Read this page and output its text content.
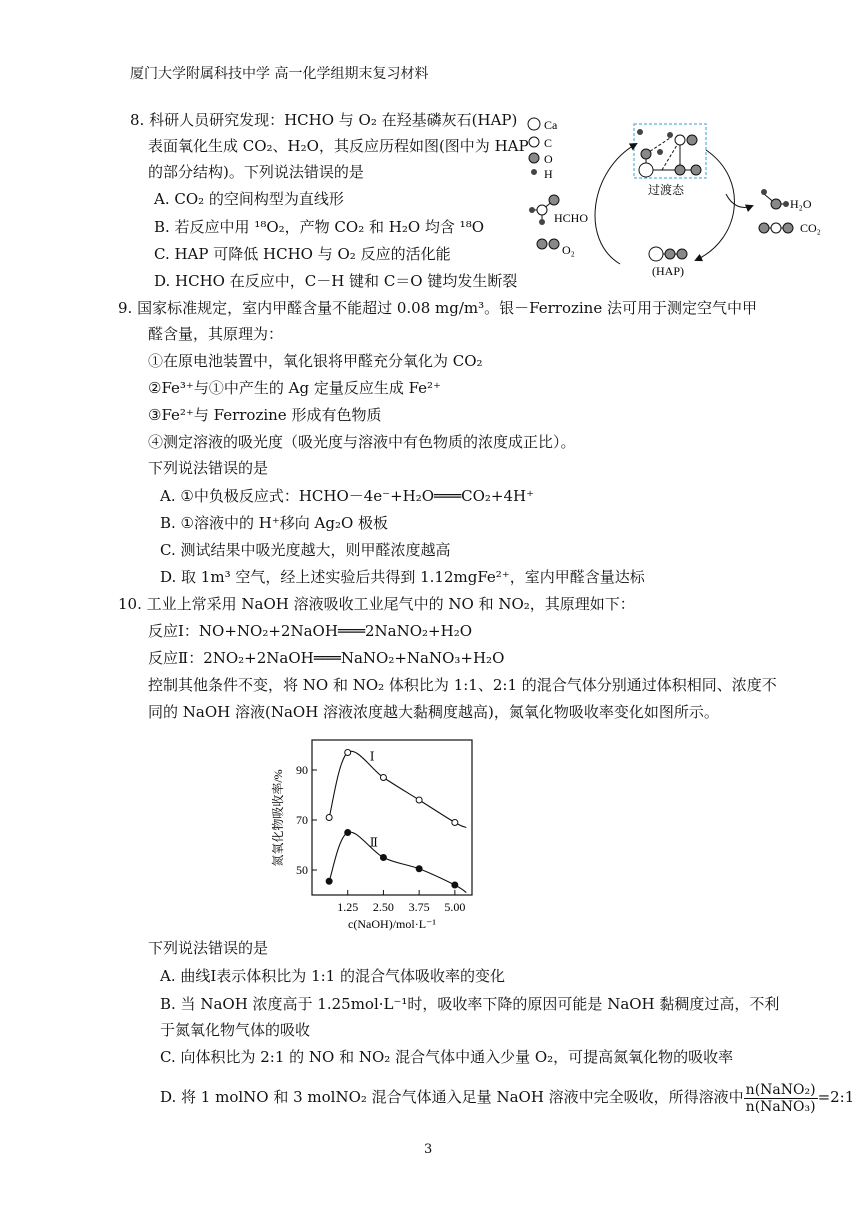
厦门大学附属科技中学 高一化学组期末复习材料
8. 科研人员研究发现：HCHO 与 O₂ 在羟基磷灰石(HAP)
表面氧化生成 CO₂、H₂O，其反应历程如图(图中为 HAP
的部分结构)。下列说法错误的是
A. CO₂ 的空间构型为直线形
B. 若反应中用 ¹⁸O₂，产物 CO₂ 和 H₂O 均含 ¹⁸O
C. HAP 可降低 HCHO 与 O₂ 反应的活化能
D. HCHO 在反应中，C－H 键和 C＝O 键均发生断裂
Ca
C
O
H
过渡态
HCHO
O₂
(HAP)
H₂O
CO₂
9. 国家标准规定，室内甲醛含量不能超过 0.08 mg/m³。银－Ferrozine 法可用于测定空气中甲
醛含量，其原理为：
①在原电池装置中，氧化银将甲醛充分氧化为 CO₂
②Fe³⁺与①中产生的 Ag 定量反应生成 Fe²⁺
③Fe²⁺与 Ferrozine 形成有色物质
④测定溶液的吸光度（吸光度与溶液中有色物质的浓度成正比）。
下列说法错误的是
A. ①中负极反应式：HCHO－4e⁻+H₂O═══CO₂+4H⁺
B. ①溶液中的 H⁺移向 Ag₂O 极板
C. 测试结果中吸光度越大，则甲醛浓度越高
D. 取 1m³ 空气，经上述实验后共得到 1.12mgFe²⁺，室内甲醛含量达标
10. 工业上常采用 NaOH 溶液吸收工业尾气中的 NO 和 NO₂，其原理如下：
反应Ⅰ：NO+NO₂+2NaOH═══2NaNO₂+H₂O
反应Ⅱ：2NO₂+2NaOH═══NaNO₂+NaNO₃+H₂O
控制其他条件不变，将 NO 和 NO₂ 体积比为 1:1、2:1 的混合气体分别通过体积相同、浓度不
同的 NaOH 溶液(NaOH 溶液浓度越大黏稠度越高)，氮氧化物吸收率变化如图所示。
氮氧化物吸收率/%
c(NaOH)/mol·L⁻¹
1.25 2.50 3.75 5.00
50
70
90
Ⅰ
Ⅱ
下列说法错误的是
A. 曲线Ⅰ表示体积比为 1:1 的混合气体吸收率的变化
B. 当 NaOH 浓度高于 1.25mol·L⁻¹时，吸收率下降的原因可能是 NaOH 黏稠度过高，不利
于氮氧化物气体的吸收
C. 向体积比为 2:1 的 NO 和 NO₂ 混合气体中通入少量 O₂，可提高氮氧化物的吸收率
D. 将 1 molNO 和 3 molNO₂ 混合气体通入足量 NaOH 溶液中完全吸收，所得溶液中 $\frac{\text{n(NaNO₂)}}{\text{n(NaNO₃)}}$ =2:1
3
